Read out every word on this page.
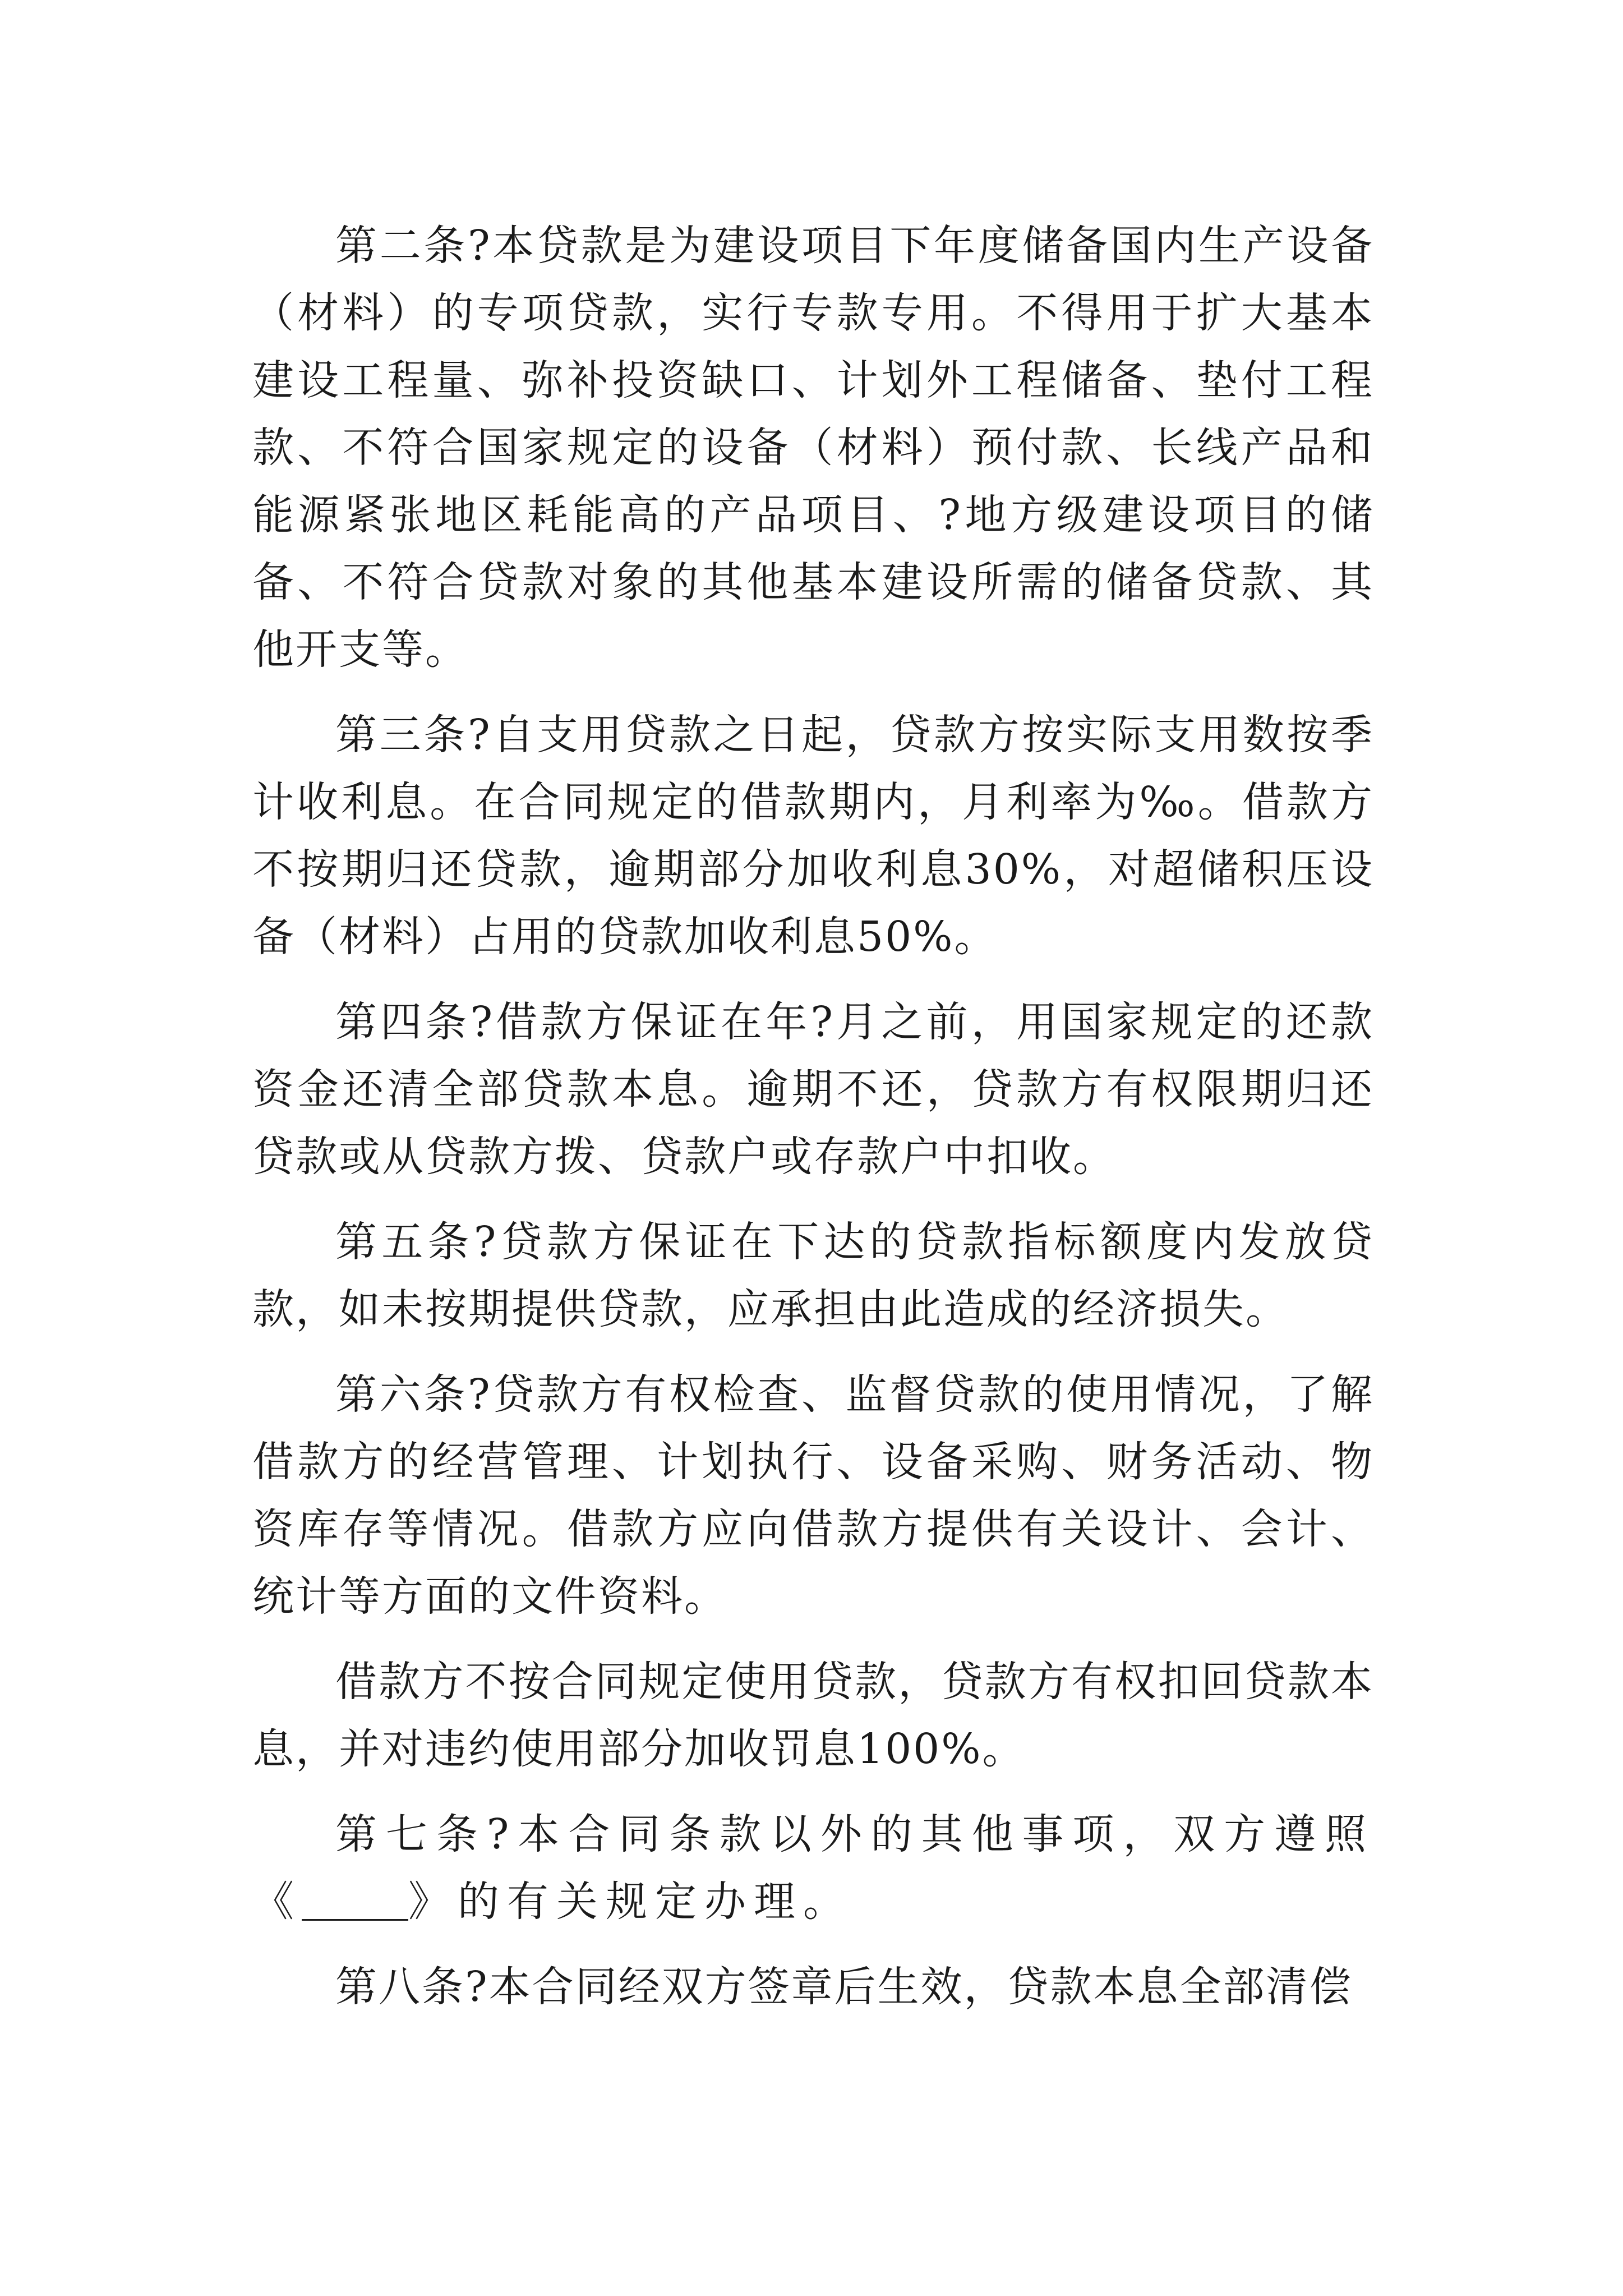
第二条?本贷款是为建设项目下年度储备国内生产设备（材料）的专项贷款，实行专款专用。不得用于扩大基本建设工程量、弥补投资缺口、计划外工程储备、垫付工程款、不符合国家规定的设备（材料）预付款、长线产品和能源紧张地区耗能高的产品项目、?地方级建设项目的储备、不符合贷款对象的其他基本建设所需的储备贷款、其他开支等。

第三条?自支用贷款之日起，贷款方按实际支用数按季计收利息。在合同规定的借款期内，月利率为‰。借款方不按期归还贷款，逾期部分加收利息30%，对超储积压设备（材料）占用的贷款加收利息50%。

第四条?借款方保证在年?月之前，用国家规定的还款资金还清全部贷款本息。逾期不还，贷款方有权限期归还贷款或从贷款方拨、贷款户或存款户中扣收。

第五条?贷款方保证在下达的贷款指标额度内发放贷款，如未按期提供贷款，应承担由此造成的经济损失。

第六条?贷款方有权检查、监督贷款的使用情况，了解借款方的经营管理、计划执行、设备采购、财务活动、物资库存等情况。借款方应向借款方提供有关设计、会计、统计等方面的文件资料。

借款方不按合同规定使用贷款，贷款方有权扣回贷款本息，并对违约使用部分加收罚息100%。

第七条?本合同条款以外的其他事项，双方遵照《	》的有关规定办理。

第八条?本合同经双方签章后生效，贷款本息全部清偿
